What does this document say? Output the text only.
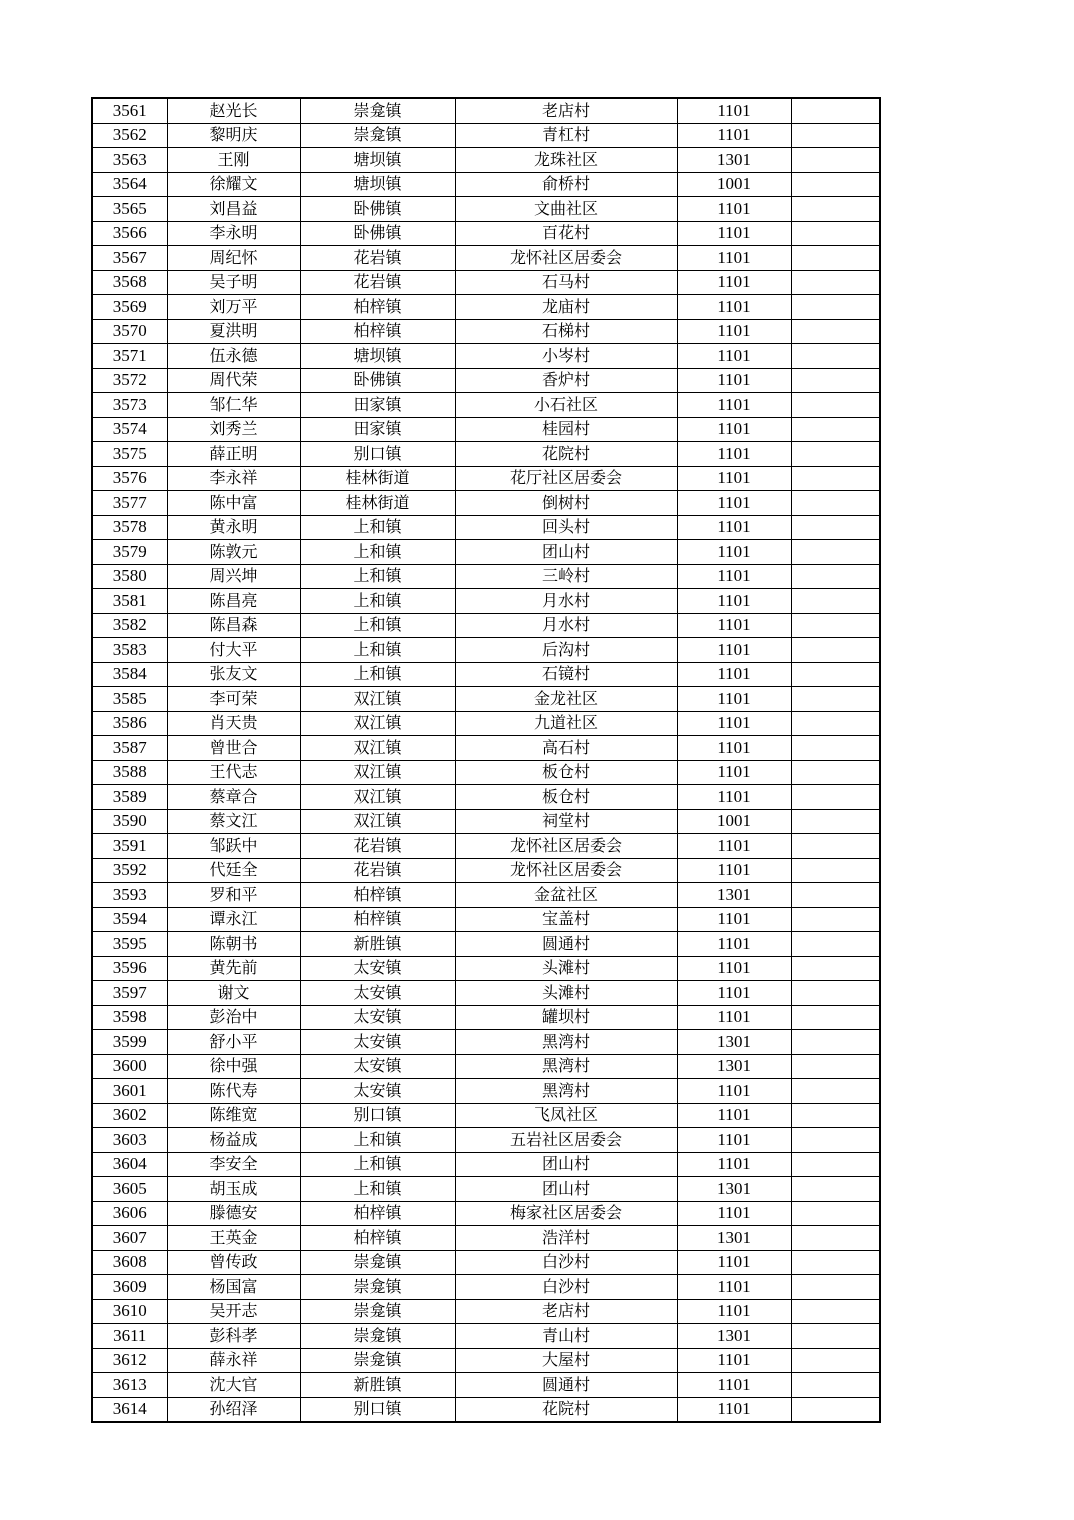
3561	赵光长	崇龛镇	老店村	1101	
3562	黎明庆	崇龛镇	青杠村	1101	
3563	王刚	塘坝镇	龙珠社区	1301	
3564	徐耀文	塘坝镇	俞桥村	1001	
3565	刘昌益	卧佛镇	文曲社区	1101	
3566	李永明	卧佛镇	百花村	1101	
3567	周纪怀	花岩镇	龙怀社区居委会	1101	
3568	吴子明	花岩镇	石马村	1101	
3569	刘万平	柏梓镇	龙庙村	1101	
3570	夏洪明	柏梓镇	石梯村	1101	
3571	伍永德	塘坝镇	小岑村	1101	
3572	周代荣	卧佛镇	香炉村	1101	
3573	邹仁华	田家镇	小石社区	1101	
3574	刘秀兰	田家镇	桂园村	1101	
3575	薛正明	别口镇	花院村	1101	
3576	李永祥	桂林街道	花厅社区居委会	1101	
3577	陈中富	桂林街道	倒树村	1101	
3578	黄永明	上和镇	回头村	1101	
3579	陈敦元	上和镇	团山村	1101	
3580	周兴坤	上和镇	三岭村	1101	
3581	陈昌亮	上和镇	月水村	1101	
3582	陈昌森	上和镇	月水村	1101	
3583	付大平	上和镇	后沟村	1101	
3584	张友文	上和镇	石镜村	1101	
3585	李可荣	双江镇	金龙社区	1101	
3586	肖天贵	双江镇	九道社区	1101	
3587	曾世合	双江镇	高石村	1101	
3588	王代志	双江镇	板仓村	1101	
3589	蔡章合	双江镇	板仓村	1101	
3590	蔡文江	双江镇	祠堂村	1001	
3591	邹跃中	花岩镇	龙怀社区居委会	1101	
3592	代廷全	花岩镇	龙怀社区居委会	1101	
3593	罗和平	柏梓镇	金盆社区	1301	
3594	谭永江	柏梓镇	宝盖村	1101	
3595	陈朝书	新胜镇	圆通村	1101	
3596	黄先前	太安镇	头滩村	1101	
3597	谢文	太安镇	头滩村	1101	
3598	彭治中	太安镇	罐坝村	1101	
3599	舒小平	太安镇	黑湾村	1301	
3600	徐中强	太安镇	黑湾村	1301	
3601	陈代寿	太安镇	黑湾村	1101	
3602	陈维宽	别口镇	飞凤社区	1101	
3603	杨益成	上和镇	五岩社区居委会	1101	
3604	李安全	上和镇	团山村	1101	
3605	胡玉成	上和镇	团山村	1301	
3606	滕德安	柏梓镇	梅家社区居委会	1101	
3607	王英金	柏梓镇	浩洋村	1301	
3608	曾传政	崇龛镇	白沙村	1101	
3609	杨国富	崇龛镇	白沙村	1101	
3610	吴开志	崇龛镇	老店村	1101	
3611	彭科孝	崇龛镇	青山村	1301	
3612	薛永祥	崇龛镇	大屋村	1101	
3613	沈大官	新胜镇	圆通村	1101	
3614	孙绍泽	别口镇	花院村	1101	
